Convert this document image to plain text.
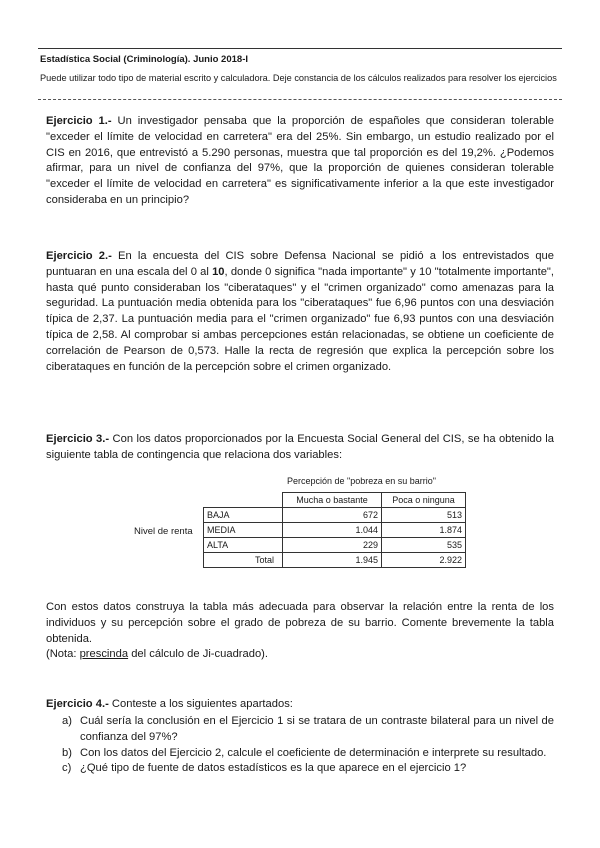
Estadística Social (Criminología). Junio 2018-I
Puede utilizar todo tipo de material escrito y calculadora. Deje constancia de los cálculos realizados para resolver los ejercicios
Ejercicio 1.- Un investigador pensaba que la proporción de españoles que consideran tolerable "exceder el límite de velocidad en carretera" era del 25%. Sin embargo, un estudio realizado por el CIS en 2016, que entrevistó a 5.290 personas, muestra que tal proporción es del 19,2%. ¿Podemos afirmar, para un nivel de confianza del 97%, que la proporción de quienes consideran tolerable "exceder el límite de velocidad en carretera" es significativamente inferior a la que este investigador consideraba en un principio?
Ejercicio 2.- En la encuesta del CIS sobre Defensa Nacional se pidió a los entrevistados que puntuaran en una escala del 0 al 10, donde 0 significa "nada importante" y 10 "totalmente importante", hasta qué punto consideraban los "ciberataques" y el "crimen organizado" como amenazas para la seguridad. La puntuación media obtenida para los "ciberataques" fue 6,96 puntos con una desviación típica de 2,37. La puntuación media para el "crimen organizado" fue 6,93 puntos con una desviación típica de 2,58. Al comprobar si ambas percepciones están relacionadas, se obtiene un coeficiente de correlación de Pearson de 0,573. Halle la recta de regresión que explica la percepción sobre los ciberataques en función de la percepción sobre el crimen organizado.
Ejercicio 3.- Con los datos proporcionados por la Encuesta Social General del CIS, se ha obtenido la siguiente tabla de contingencia que relaciona dos variables:
Percepción de "pobreza en su barrio"
Nivel de renta
	Mucha o bastante	Poca o ninguna
BAJA	672	513
MEDIA	1.044	1.874
ALTA	229	535
Total	1.945	2.922
Con estos datos construya la tabla más adecuada para observar la relación entre la renta de los individuos y su percepción sobre el grado de pobreza de su barrio. Comente brevemente la tabla obtenida.
(Nota: prescinda del cálculo de Ji-cuadrado).
Ejercicio 4.- Conteste a los siguientes apartados:
a) Cuál sería la conclusión en el Ejercicio 1 si se tratara de un contraste bilateral para un nivel de confianza del 97%?
b) Con los datos del Ejercicio 2, calcule el coeficiente de determinación e interprete su resultado.
c) ¿Qué tipo de fuente de datos estadísticos es la que aparece en el ejercicio 1?
